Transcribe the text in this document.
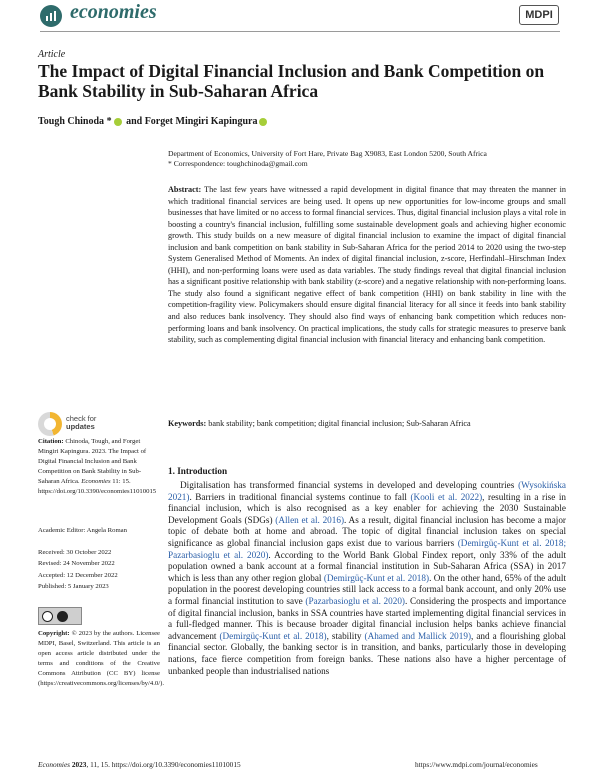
economies	MDPI
Article
The Impact of Digital Financial Inclusion and Bank Competition on Bank Stability in Sub-Saharan Africa
Tough Chinoda * and Forget Mingiri Kapingura
Department of Economics, University of Fort Hare, Private Bag X9083, East London 5200, South Africa
* Correspondence: toughchinoda@gmail.com
Abstract: The last few years have witnessed a rapid development in digital finance that may threaten the manner in which traditional financial services are being used. It opens up new opportunities for low-income groups and small businesses that have limited or no access to formal financial services. Thus, digital financial inclusion plays a vital role in boosting a country's financial inclusion, fulfilling some sustainable development goals and achieving higher economic growth. This study builds on a new measure of digital financial inclusion to examine the impact of digital financial inclusion and bank competition on bank stability in Sub-Saharan Africa for the period 2014 to 2020 using the two-step System Generalised Method of Moments. An index of digital financial inclusion, z-score, Herfindahl–Hirschman Index (HHI), and non-performing loans were used as data variables. The study findings reveal that digital financial inclusion has a significant positive relationship with bank stability (z-score) and a negative relationship with non-performing loans. The study also found a significant negative effect of bank competition (HHI) on bank stability in line with the competition-fragility view. Policymakers should ensure digital financial literacy for all since it feeds into bank stability and also reduces bank insolvency. They should also find ways of enhancing bank competition which reduces non-performing loans and bank insolvency. On practical implications, the study calls for strategic measures to preserve bank stability, such as complementing digital financial inclusion with financial literacy and enhancing bank competition.
Keywords: bank stability; bank competition; digital financial inclusion; Sub-Saharan Africa
check for
updates
Citation: Chinoda, Tough, and Forget Mingiri Kapingura. 2023. The Impact of Digital Financial Inclusion and Bank Competition on Bank Stability in Sub-Saharan Africa. Economies 11: 15. https://doi.org/10.3390/economies11010015
Academic Editor: Angela Roman
Received: 30 October 2022
Revised: 24 November 2022
Accepted: 12 December 2022
Published: 5 January 2023
Copyright: © 2023 by the authors. Licensee MDPI, Basel, Switzerland. This article is an open access article distributed under the terms and conditions of the Creative Commons Attribution (CC BY) license (https://creativecommons.org/licenses/by/4.0/).
1. Introduction
Digitalisation has transformed financial systems in developed and developing countries (Wysokińska 2021). Barriers in traditional financial systems continue to fall (Kooli et al. 2022), resulting in a rise in financial inclusion, which is also recognised as a key enabler for achieving the 2030 Sustainable Development Goals (SDGs) (Allen et al. 2016). As a result, digital financial inclusion has become a major topic of debate both at home and abroad. The topic of digital financial inclusion takes on special significance as global financial inclusion gaps exist due to various barriers (Demirgüç-Kunt et al. 2018; Pazarbasioglu et al. 2020). According to the World Bank Global Findex report, only 33% of the adult population owned a bank account at a formal financial institution in Sub-Saharan Africa (SSA) in 2017 which is less than any other region global (Demirgüç-Kunt et al. 2018). On the other hand, 65% of the adult population in the poorest developing countries still lack access to a formal bank account, and only 20% use a formal financial institution to save (Pazarbasioglu et al. 2020). Considering the prospects and importance of digital financial inclusion, banks in SSA countries have started implementing digital financial services in a full-fledged manner. This is because broader digital financial inclusion helps banks achieve financial advancement (Demirgüç-Kunt et al. 2018), stability (Ahamed and Mallick 2019), and a flourishing global financial sector. Globally, the banking sector is in transition, and banks, particularly those in developing nations, face fierce competition from foreign banks. These nations also have a higher percentage of unbanked people than industrialised nations
Economies 2023, 11, 15. https://doi.org/10.3390/economies11010015	https://www.mdpi.com/journal/economies
